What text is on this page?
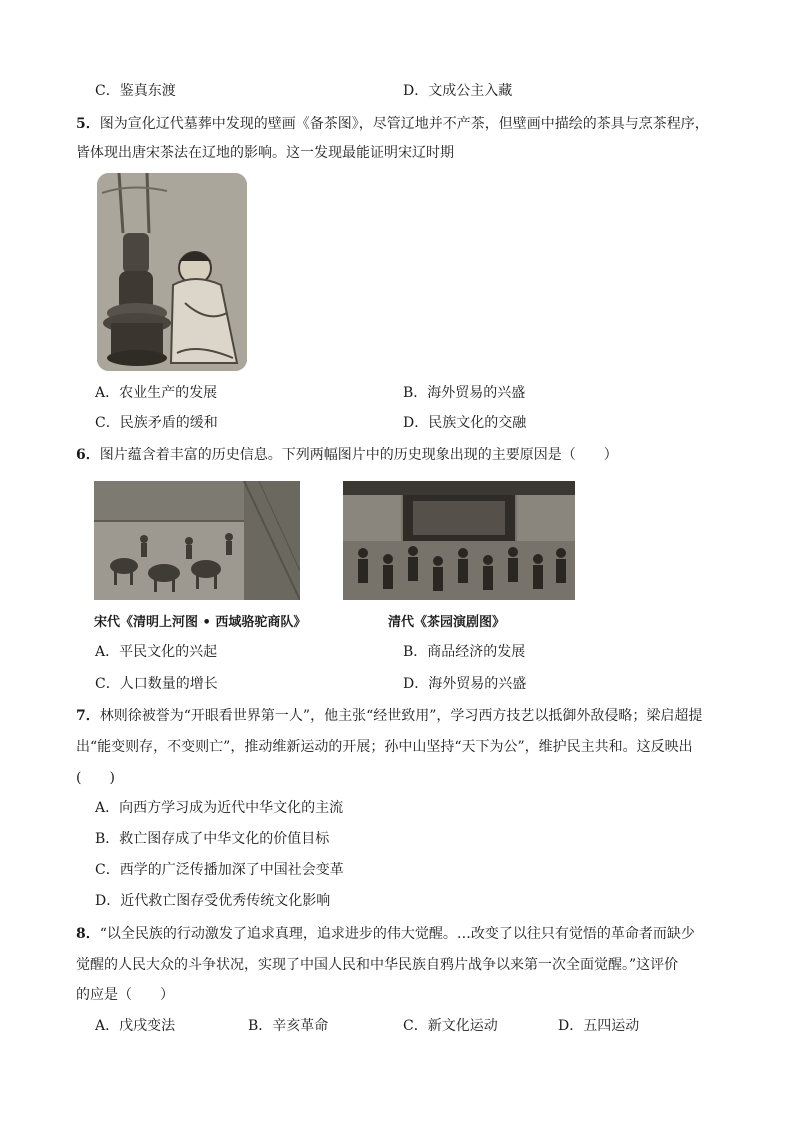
C．鉴真东渡	D．文成公主入藏
5．图为宣化辽代墓葬中发现的壁画《备茶图》，尽管辽地并不产茶，但壁画中描绘的茶具与烹茶程序，
皆体现出唐宋茶法在辽地的影响。这一发现最能证明宋辽时期
A．农业生产的发展	B．海外贸易的兴盛
C．民族矛盾的缓和	D．民族文化的交融
6．图片蕴含着丰富的历史信息。下列两幅图片中的历史现象出现的主要原因是（　　）
宋代《清明上河图 • 西域骆驼商队》	清代《茶园演剧图》
A．平民文化的兴起	B．商品经济的发展
C．人口数量的增长	D．海外贸易的兴盛
7．林则徐被誉为“开眼看世界第一人”，他主张“经世致用”，学习西方技艺以抵御外敌侵略；梁启超提
出“能变则存，不变则亡”，推动维新运动的开展；孙中山坚持“天下为公”，维护民主共和。这反映出
(　　)
A．向西方学习成为近代中华文化的主流
B．救亡图存成了中华文化的价值目标
C．西学的广泛传播加深了中国社会变革
D．近代救亡图存受优秀传统文化影响
8．“以全民族的行动激发了追求真理，追求进步的伟大觉醒。…改变了以往只有觉悟的革命者而缺少
觉醒的人民大众的斗争状况，实现了中国人民和中华民族自鸦片战争以来第一次全面觉醒。”这评价
的应是（　　）
A．戊戌变法	B．辛亥革命	C．新文化运动	D．五四运动
